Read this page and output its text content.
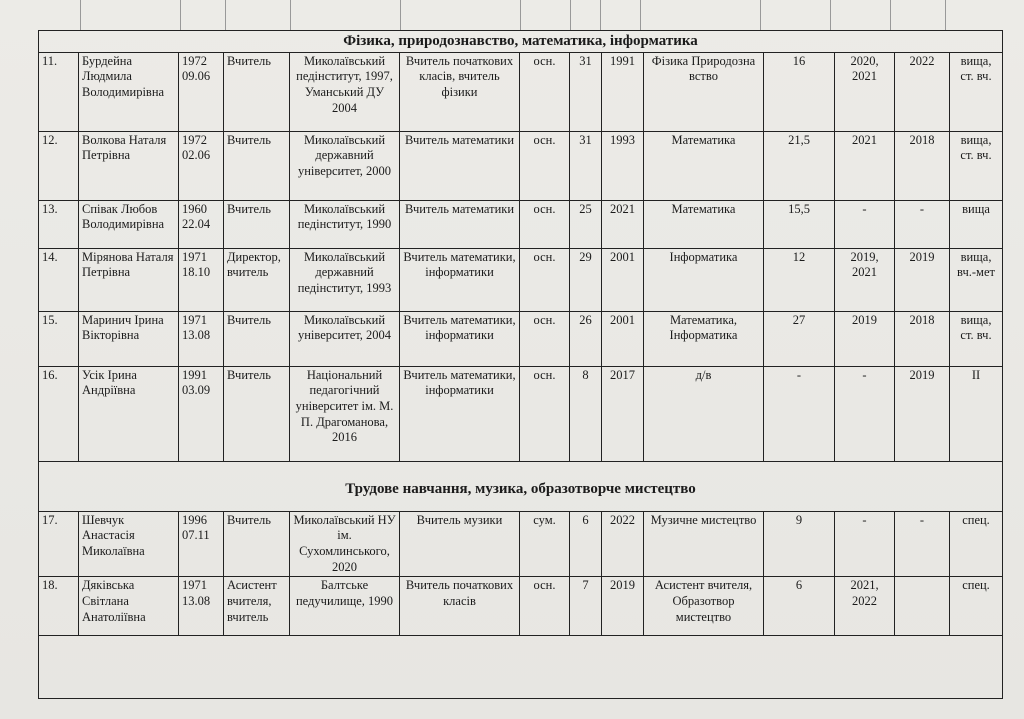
Фізика, природознавство, математика, інформатика													
11.	Бурдейна Людмила Володимирівна	1972 09.06	Вчитель	Миколаївський педінститут, 1997, Уманський ДУ 2004	Вчитель початкових класів, вчитель фізики	осн.	31	1991	Фізика Природозна вство	16	2020, 2021	2022	вища, ст. вч.
12.	Волкова Наталя Петрівна	1972 02.06	Вчитель	Миколаївський державний університет, 2000	Вчитель математики	осн.	31	1993	Математика	21,5	2021	2018	вища, ст. вч.
13.	Співак Любов Володимирівна	1960 22.04	Вчитель	Миколаївський педінститут, 1990	Вчитель математики	осн.	25	2021	Математика	15,5	-	-	вища
14.	Мірянова Наталя Петрівна	1971 18.10	Директор, вчитель	Миколаївський державний педінститут, 1993	Вчитель математики, інформатики	осн.	29	2001	Інформатика	12	2019, 2021	2019	вища, вч.-мет
15.	Маринич Ірина Вікторівна	1971 13.08	Вчитель	Миколаївський університет, 2004	Вчитель математики, інформатики	осн.	26	2001	Математика, Інформатика	27	2019	2018	вища, ст. вч.
16.	Усік Ірина Андріївна	1991 03.09	Вчитель	Національний педагогічний університет ім. М. П. Драгоманова, 2016	Вчитель математики, інформатики	осн.	8	2017	д/в	-	-	2019	ІІ
Трудове навчання, музика, образотворче мистецтво													
17.	Шевчук Анастасія Миколаївна	1996 07.11	Вчитель	Миколаївський НУ ім. Сухомлинського, 2020	Вчитель музики	сум.	6	2022	Музичне мистецтво	9	-	-	спец.
18.	Дяківська Світлана Анатоліївна	1971 13.08	Асистент вчителя, вчитель	Балтське педучилище, 1990	Вчитель початкових класів	осн.	7	2019	Асистент вчителя, Образотвор мистецтво	6	2021, 2022		спец.
